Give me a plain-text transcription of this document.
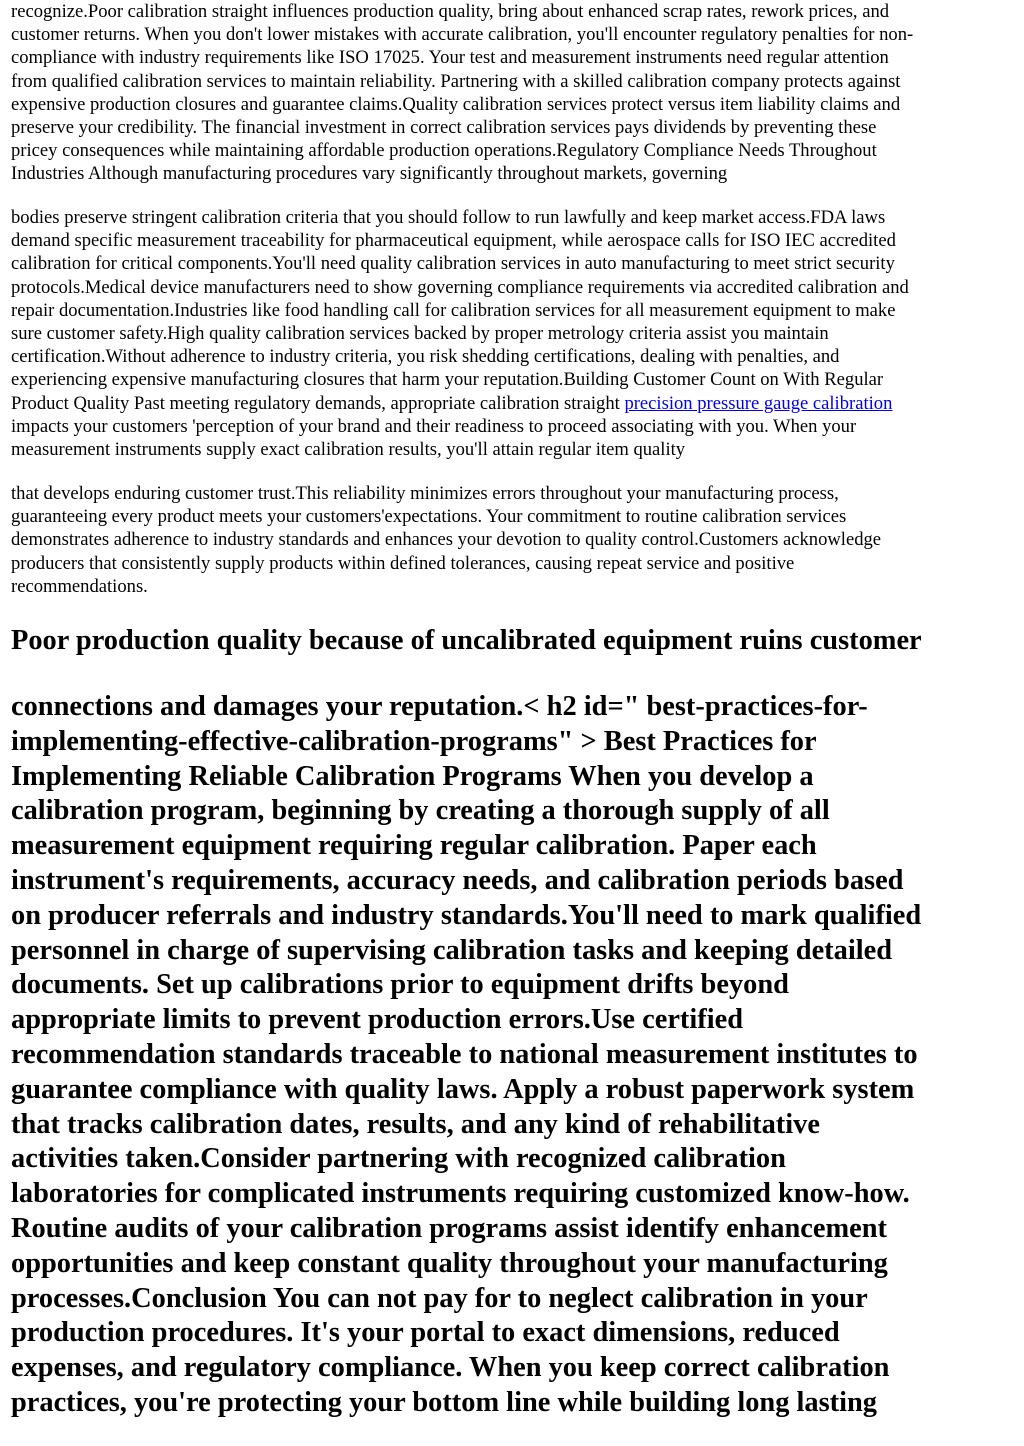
recognize.Poor calibration straight influences production quality, bring about enhanced scrap rates, rework prices, and
customer returns. When you don't lower mistakes with accurate calibration, you'll encounter regulatory penalties for non-
compliance with industry requirements like ISO 17025. Your test and measurement instruments need regular attention
from qualified calibration services to maintain reliability. Partnering with a skilled calibration company protects against
expensive production closures and guarantee claims.Quality calibration services protect versus item liability claims and
preserve your credibility. The financial investment in correct calibration services pays dividends by preventing these
pricey consequences while maintaining affordable production operations.Regulatory Compliance Needs Throughout
Industries Although manufacturing procedures vary significantly throughout markets, governing

bodies preserve stringent calibration criteria that you should follow to run lawfully and keep market access.FDA laws
demand specific measurement traceability for pharmaceutical equipment, while aerospace calls for ISO IEC accredited
calibration for critical components.You'll need quality calibration services in auto manufacturing to meet strict security
protocols.Medical device manufacturers need to show governing compliance requirements via accredited calibration and
repair documentation.Industries like food handling call for calibration services for all measurement equipment to make
sure customer safety.High quality calibration services backed by proper metrology criteria assist you maintain
certification.Without adherence to industry criteria, you risk shedding certifications, dealing with penalties, and
experiencing expensive manufacturing closures that harm your reputation.Building Customer Count on With Regular
Product Quality Past meeting regulatory demands, appropriate calibration straight precision pressure gauge calibration
impacts your customers 'perception of your brand and their readiness to proceed associating with you. When your
measurement instruments supply exact calibration results, you'll attain regular item quality

that develops enduring customer trust.This reliability minimizes errors throughout your manufacturing process,
guaranteeing every product meets your customers'expectations. Your commitment to routine calibration services
demonstrates adherence to industry standards and enhances your devotion to quality control.Customers acknowledge
producers that consistently supply products within defined tolerances, causing repeat service and positive
recommendations.

Poor production quality because of uncalibrated equipment ruins customer
connections and damages your reputation.< h2 id=" best-practices-for-
implementing-effective-calibration-programs" > Best Practices for
Implementing Reliable Calibration Programs When you develop a
calibration program, beginning by creating a thorough supply of all
measurement equipment requiring regular calibration. Paper each
instrument's requirements, accuracy needs, and calibration periods based
on producer referrals and industry standards.You'll need to mark qualified
personnel in charge of supervising calibration tasks and keeping detailed
documents. Set up calibrations prior to equipment drifts beyond
appropriate limits to prevent production errors.Use certified
recommendation standards traceable to national measurement institutes to
guarantee compliance with quality laws. Apply a robust paperwork system
that tracks calibration dates, results, and any kind of rehabilitative
activities taken.Consider partnering with recognized calibration
laboratories for complicated instruments requiring customized know-how.
Routine audits of your calibration programs assist identify enhancement
opportunities and keep constant quality throughout your manufacturing
processes.Conclusion You can not pay for to neglect calibration in your
production procedures. It's your portal to exact dimensions, reduced
expenses, and regulatory compliance. When you keep correct calibration
practices, you're protecting your bottom line while building long lasting
